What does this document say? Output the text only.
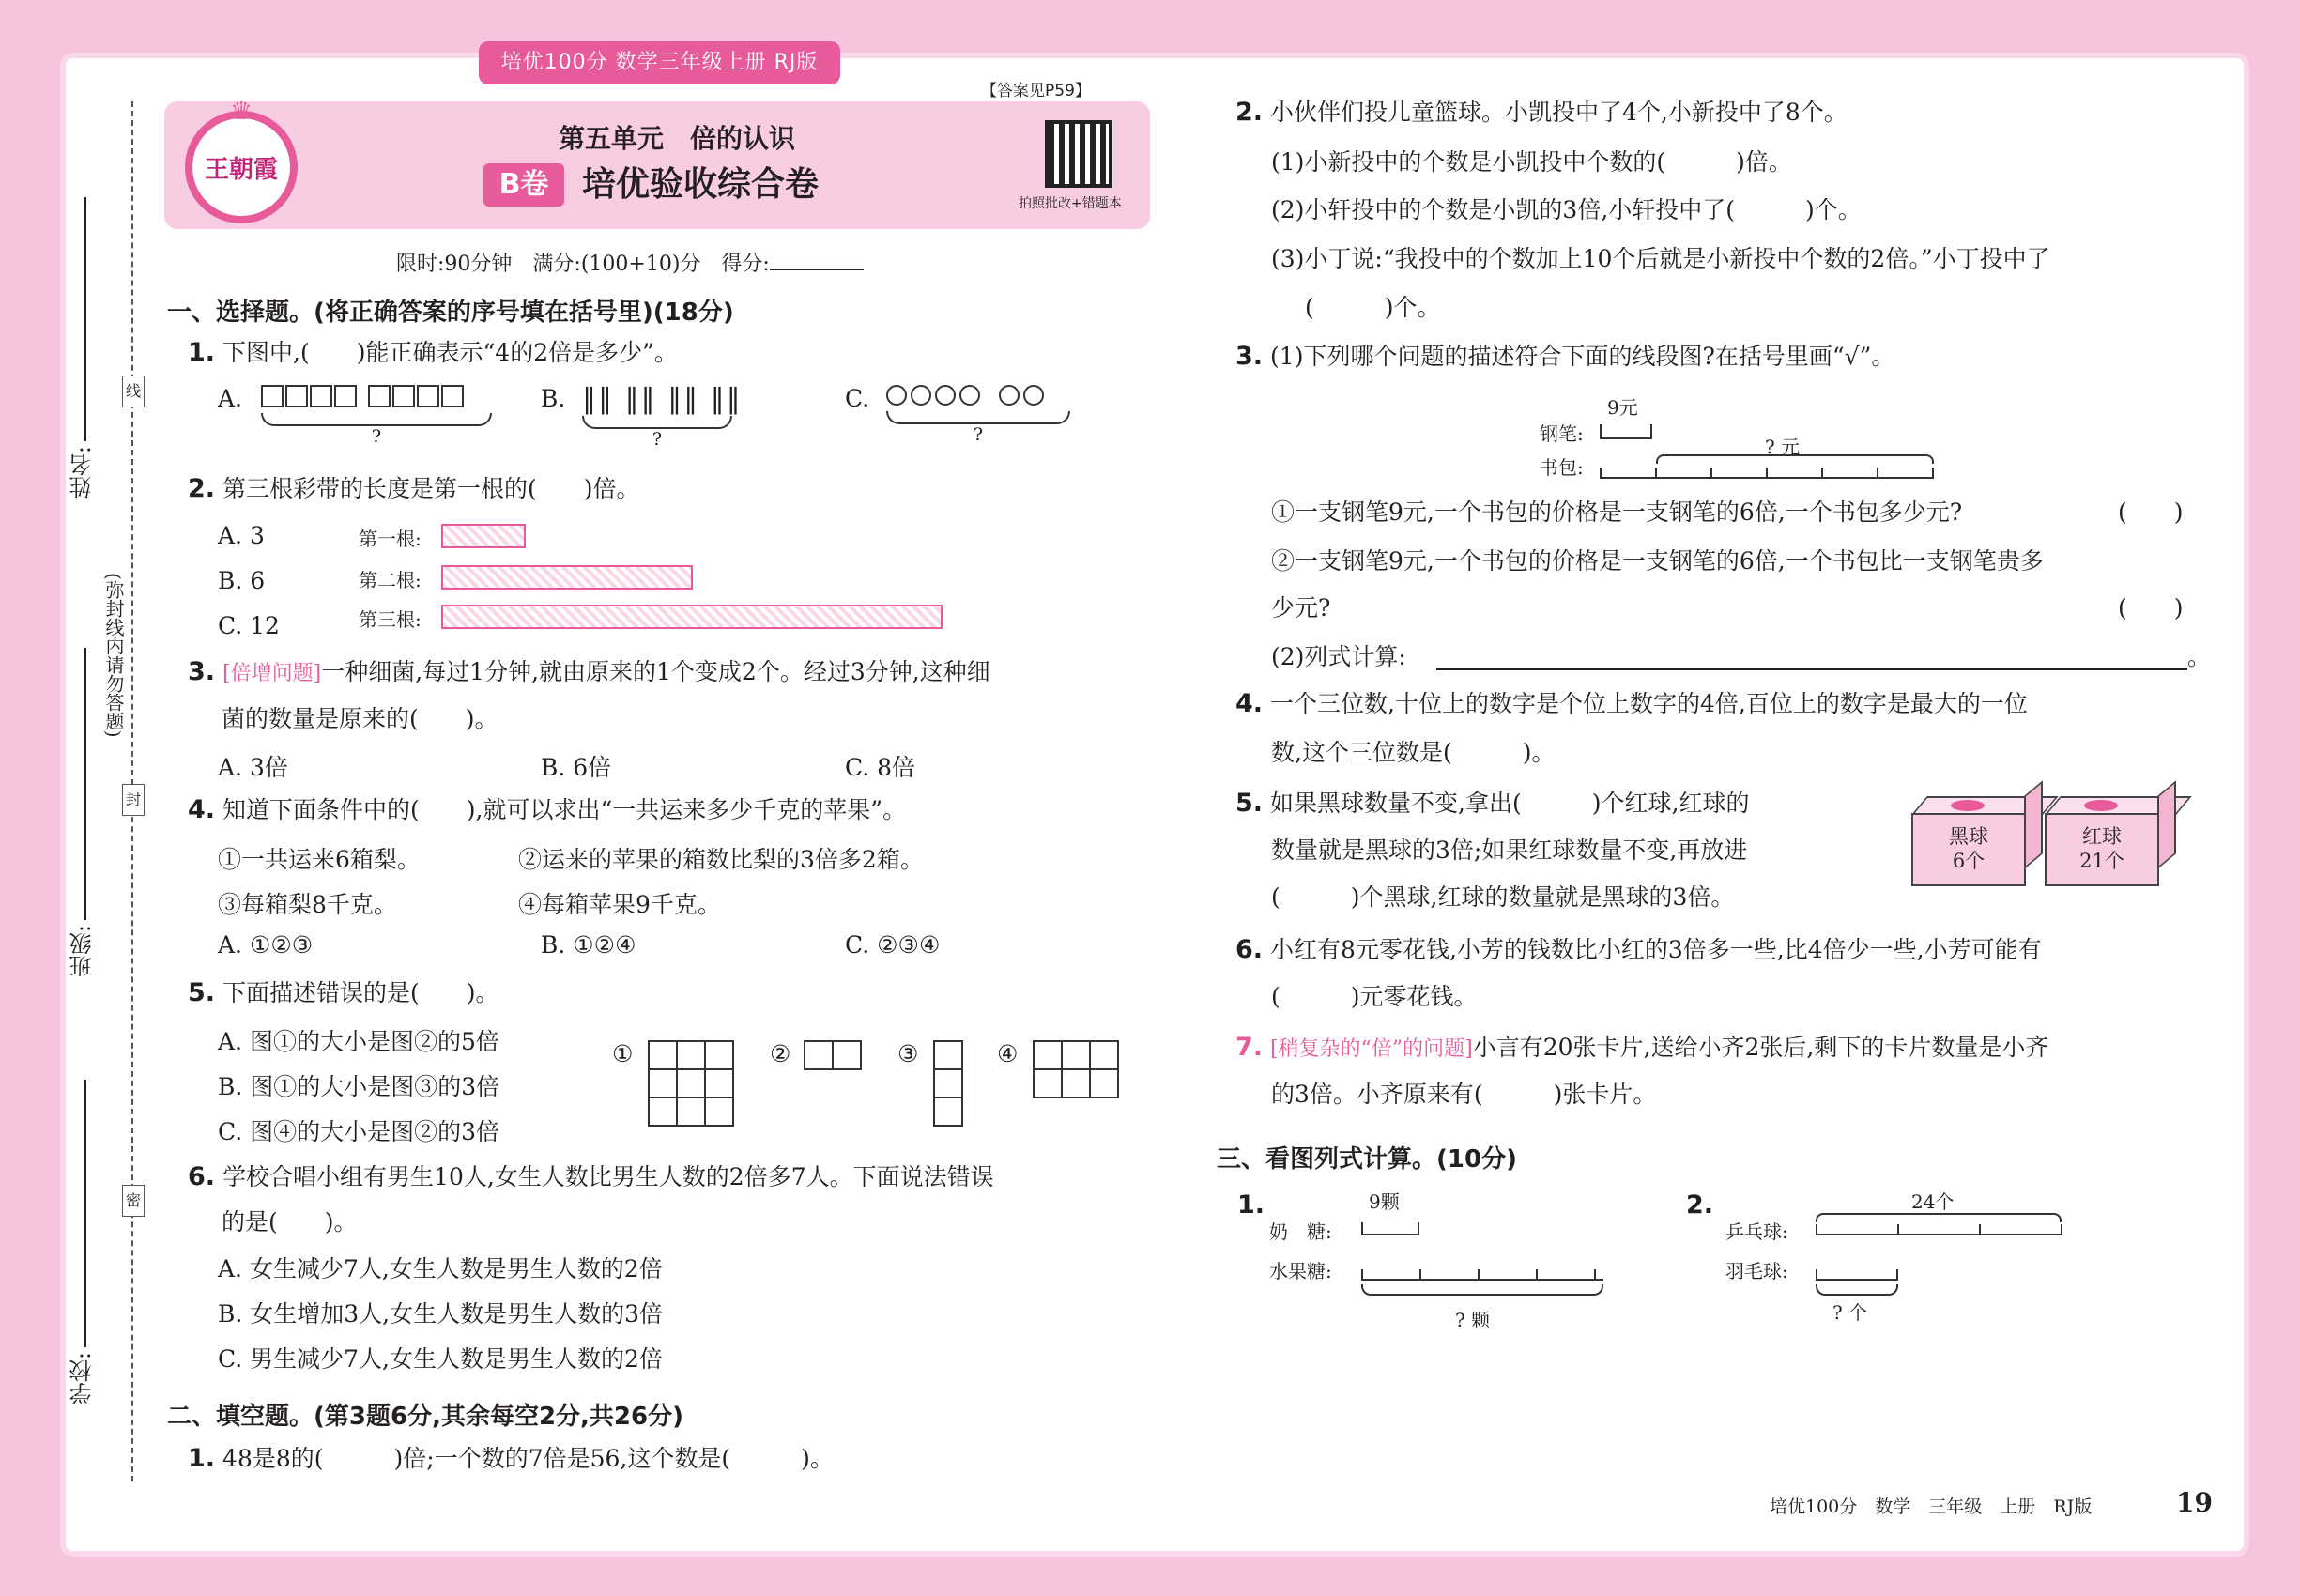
培优100分 数学三年级上册 RJ版
【答案见P59】
♛
王朝霞
第五单元　倍的认识
B卷 培优验收综合卷	拍照批改+错题本
限时:90分钟　满分:(100+10)分　得分:
姓名:
班级:
学校:
线
封
密
(弥封线内请勿答题)
一、选择题。(将正确答案的序号填在括号里)(18分)
1. 下图中,(　　)能正确表示“4的2倍是多少”。
A.
?
B. ∥∥ ∥∥ ∥∥ ∥∥
?
C.
?
2. 第三根彩带的长度是第一根的(　　)倍。
A. 3
B. 6
C. 12
第一根:
第二根:
第三根:
3. [倍增问题]一种细菌,每过1分钟,就由原来的1个变成2个。经过3分钟,这种细
菌的数量是原来的(　　)。
A. 3倍	B. 6倍	C. 8倍
4. 知道下面条件中的(　　),就可以求出“一共运来多少千克的苹果”。
①一共运来6箱梨。	②运来的苹果的箱数比梨的3倍多2箱。
③每箱梨8千克。	④每箱苹果9千克。
A. ①②③	B. ①②④	C. ②③④
5. 下面描述错误的是(　　)。
A. 图①的大小是图②的5倍
B. 图①的大小是图③的3倍
C. 图④的大小是图②的3倍
①

			②
		③	④

6. 学校合唱小组有男生10人,女生人数比男生人数的2倍多7人。下面说法错误
的是(　　)。
A. 女生减少7人,女生人数是男生人数的2倍
B. 女生增加3人,女生人数是男生人数的3倍
C. 男生减少7人,女生人数是男生人数的2倍
二、填空题。(第3题6分,其余每空2分,共26分)
1. 48是8的(　　　)倍;一个数的7倍是56,这个数是(　　　)。
2. 小伙伴们投儿童篮球。小凯投中了4个,小新投中了8个。
(1)小新投中的个数是小凯投中个数的(　　　)倍。
(2)小轩投中的个数是小凯的3倍,小轩投中了(　　　)个。
(3)小丁说:“我投中的个数加上10个后就是小新投中个数的2倍。”小丁投中了
(　　　)个。
3. (1)下列哪个问题的描述符合下面的线段图?在括号里画“√”。
9元
钢笔:
? 元
书包:
①一支钢笔9元,一个书包的价格是一支钢笔的6倍,一个书包多少元?	(　　)
②一支钢笔9元,一个书包的价格是一支钢笔的6倍,一个书包比一支钢笔贵多
少元?	(　　)
(2)列式计算:	。
4. 一个三位数,十位上的数字是个位上数字的4倍,百位上的数字是最大的一位
数,这个三位数是(　　　)。
5. 如果黑球数量不变,拿出(　　　)个红球,红球的
数量就是黑球的3倍;如果红球数量不变,再放进
(　　　)个黑球,红球的数量就是黑球的3倍。
黑球
6个
红球
21个
6. 小红有8元零花钱,小芳的钱数比小红的3倍多一些,比4倍少一些,小芳可能有
(　　　)元零花钱。
7. [稍复杂的“倍”的问题]小言有20张卡片,送给小齐2张后,剩下的卡片数量是小齐
的3倍。小齐原来有(　　　)张卡片。
三、看图列式计算。(10分)
1.	9颗
奶　糖:
水果糖:
? 颗
2.	24个
乒乓球:
羽毛球:
? 个
培优100分　数学　三年级　上册　RJ版	19
